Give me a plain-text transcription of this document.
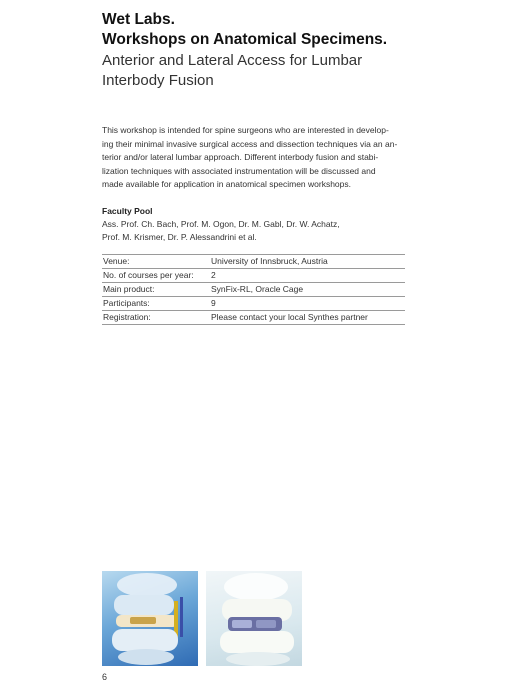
Wet Labs.
Workshops on Anatomical Specimens.
Anterior and Lateral Access for Lumbar
Interbody Fusion
This workshop is intended for spine surgeons who are interested in develop-
ing their minimal invasive surgical access and dissection techniques via an an-
terior and/or lateral lumbar approach. Different interbody fusion and stabi-
lization techniques with associated instrumentation will be discussed and
made available for application in anatomical specimen workshops.
Faculty Pool
Ass. Prof. Ch. Bach, Prof. M. Ogon, Dr. M. Gabl, Dr. W. Achatz,
Prof. M. Krismer, Dr. P. Alessandrini et al.
Venue:	University of Innsbruck, Austria
No. of courses per year: 2
Main product:	SynFix-RL, Oracle Cage
Participants:	9
Registration:	Please contact your local Synthes partner
6
